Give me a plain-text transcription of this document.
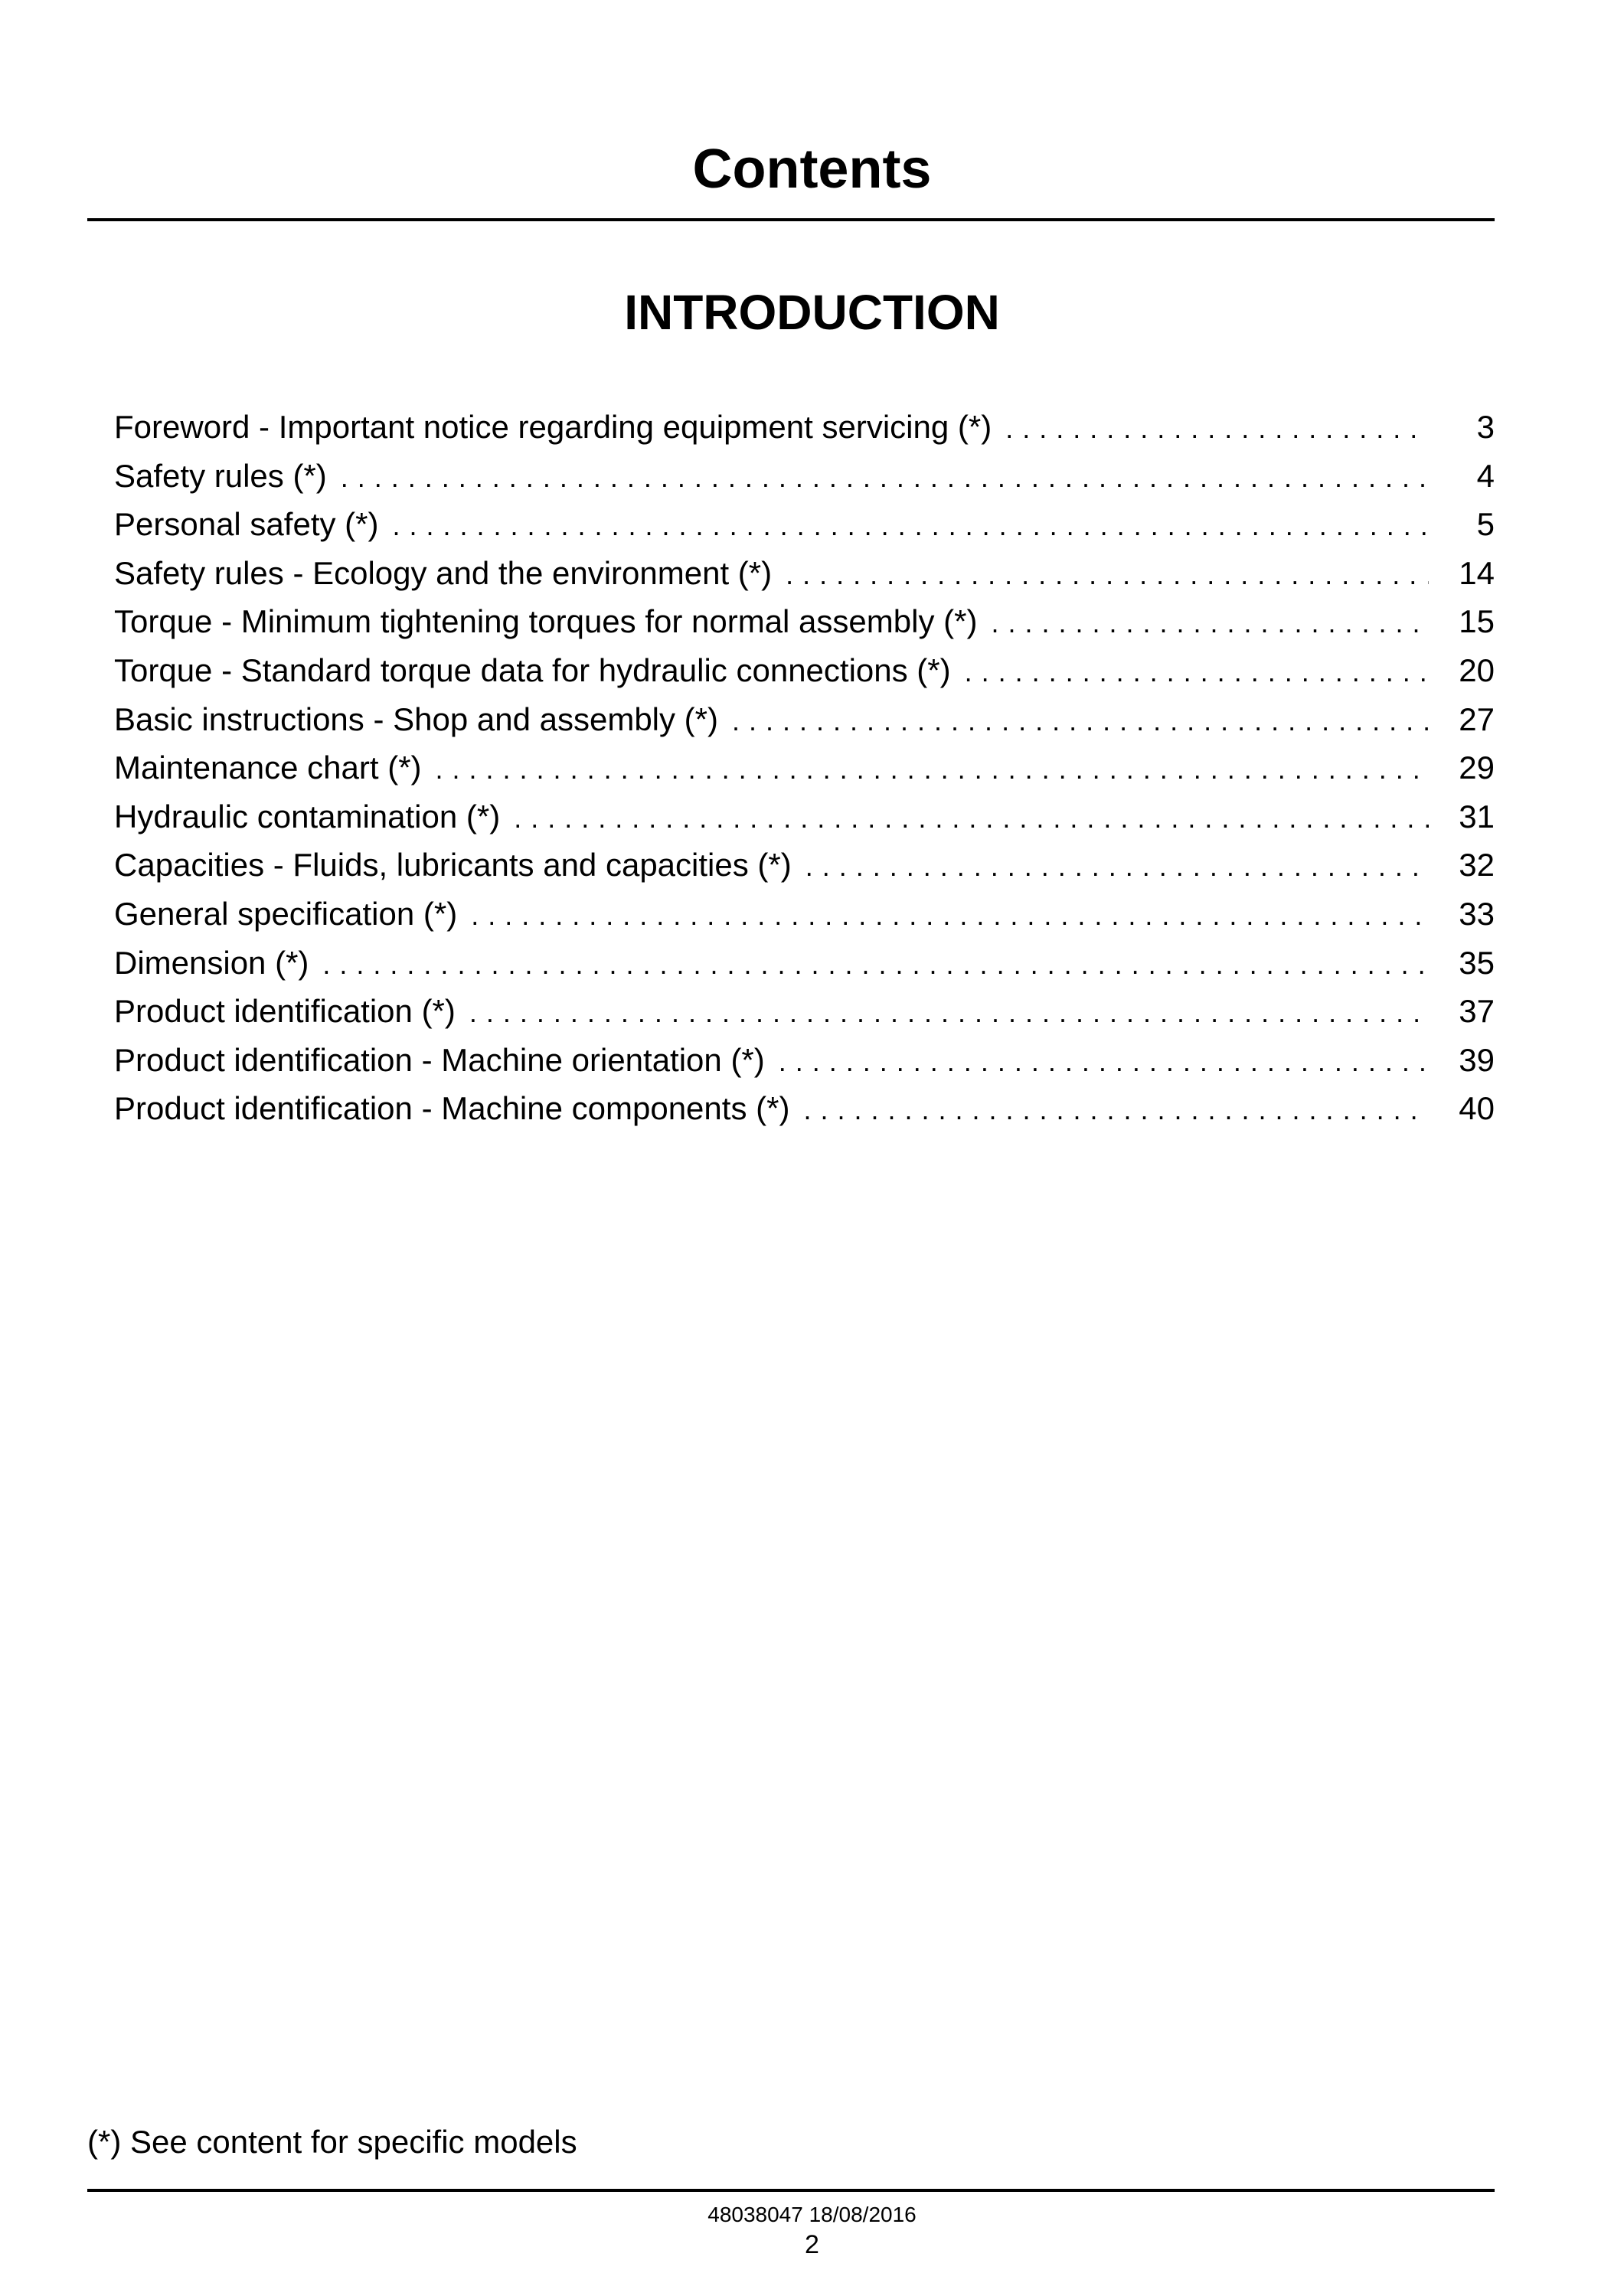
Contents
INTRODUCTION
Foreword - Important notice regarding equipment servicing (*) . . .	3
Safety rules (*) . . .	4
Personal safety (*) . . .	5
Safety rules - Ecology and the environment (*) . . .	14
Torque - Minimum tightening torques for normal assembly (*) . . .	15
Torque - Standard torque data for hydraulic connections (*) . . .	20
Basic instructions - Shop and assembly (*) . . .	27
Maintenance chart (*) . . .	29
Hydraulic contamination (*) . . .	31
Capacities - Fluids, lubricants and capacities (*) . . .	32
General specification (*) . . .	33
Dimension (*) . . .	35
Product identification (*) . . .	37
Product identification - Machine orientation (*) . . .	39
Product identification - Machine components (*) . . .	40

(*) See content for specific models

48038047 18/08/2016

2
